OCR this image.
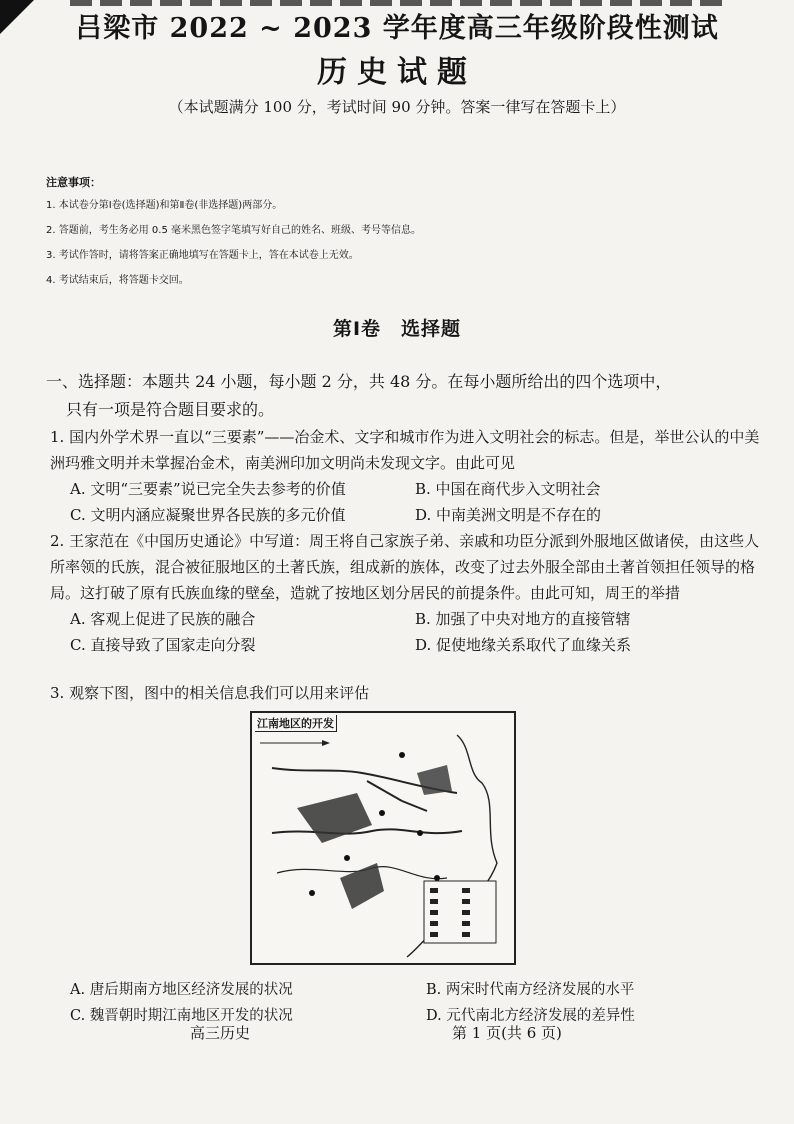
吕梁市 2022 ~ 2023 学年度高三年级阶段性测试
历史试题
（本试题满分 100 分，考试时间 90 分钟。答案一律写在答题卡上）
注意事项：
1. 本试卷分第Ⅰ卷(选择题)和第Ⅱ卷(非选择题)两部分。
2. 答题前，考生务必用 0.5 毫米黑色签字笔填写好自己的姓名、班级、考号等信息。
3. 考试作答时，请将答案正确地填写在答题卡上，答在本试卷上无效。
4. 考试结束后，将答题卡交回。
第Ⅰ卷　选择题
一、选择题：本题共 24 小题，每小题 2 分，共 48 分。在每小题所给出的四个选项中，
只有一项是符合题目要求的。
1. 国内外学术界一直以“三要素”——冶金术、文字和城市作为进入文明社会的标志。但是，举世公认的中美洲玛雅文明并未掌握冶金术，南美洲印加文明尚未发现文字。由此可见
A. 文明“三要素”说已完全失去参考的价值	B. 中国在商代步入文明社会
C. 文明内涵应凝聚世界各民族的多元价值	D. 中南美洲文明是不存在的
2. 王家范在《中国历史通论》中写道：周王将自己家族子弟、亲戚和功臣分派到外服地区做诸侯，由这些人所率领的氏族，混合被征服地区的土著氏族，组成新的族体，改变了过去外服全部由土著首领担任领导的格局。这打破了原有氏族血缘的壁垒，造就了按地区划分居民的前提条件。由此可知，周王的举措
A. 客观上促进了民族的融合	B. 加强了中央对地方的直接管辖
C. 直接导致了国家走向分裂	D. 促使地缘关系取代了血缘关系
3. 观察下图，图中的相关信息我们可以用来评估
江南地区的开发
A. 唐后期南方地区经济发展的状况	B. 两宋时代南方经济发展的水平
C. 魏晋朝时期江南地区开发的状况	D. 元代南北方经济发展的差异性
高三历史	第 1 页(共 6 页)
